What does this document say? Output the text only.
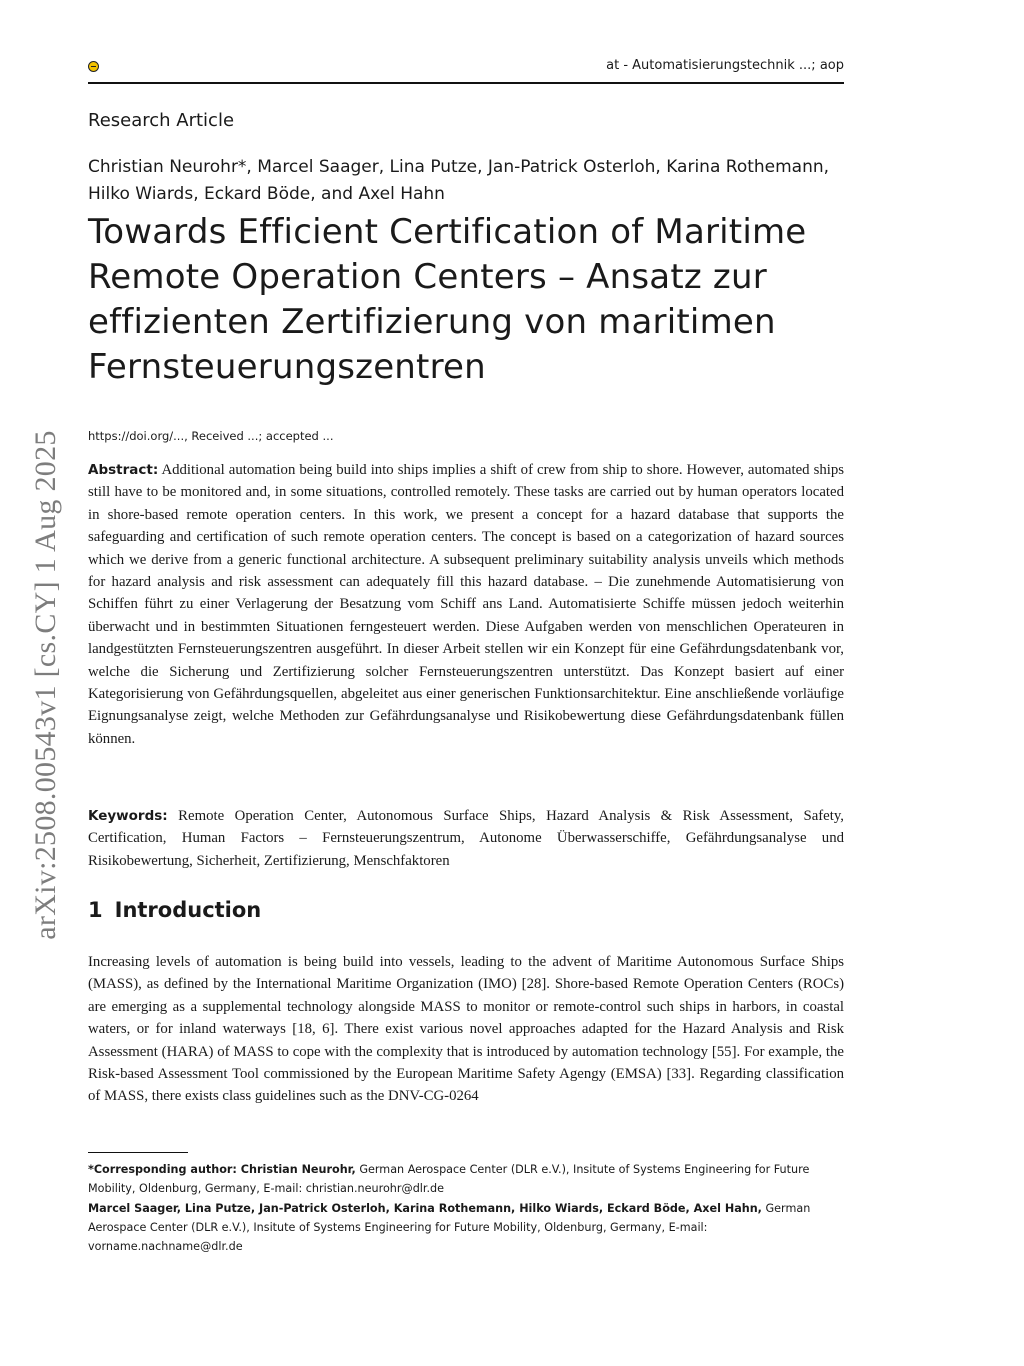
at - Automatisierungstechnik ...; aop
arXiv:2508.00543v1 [cs.CY] 1 Aug 2025
Research Article
Christian Neurohr*, Marcel Saager, Lina Putze, Jan-Patrick Osterloh, Karina Rothemann, Hilko Wiards, Eckard Böde, and Axel Hahn
Towards Efficient Certification of Maritime Remote Operation Centers – Ansatz zur effizienten Zertifizierung von maritimen Fernsteuerungszentren
https://doi.org/..., Received ...; accepted ...

Abstract: Additional automation being build into ships implies a shift of crew from ship to shore. However, automated ships still have to be monitored and, in some situations, controlled remotely. These tasks are carried out by human operators located in shore-based remote operation centers. In this work, we present a concept for a hazard database that supports the safeguarding and certification of such remote operation centers. The concept is based on a categorization of hazard sources which we derive from a generic functional architecture. A subsequent preliminary suitability analysis unveils which methods for hazard analysis and risk assessment can adequately fill this hazard database. – Die zunehmende Automatisierung von Schiffen führt zu einer Verlagerung der Besatzung vom Schiff ans Land. Automatisierte Schiffe müssen jedoch weiterhin überwacht und in bestimmten Situationen ferngesteuert werden. Diese Aufgaben werden von menschlichen Operateuren in landgestützten Fernsteuerungszentren ausgeführt. In dieser Arbeit stellen wir ein Konzept für eine Gefährdungsdatenbank vor, welche die Sicherung und Zertifizierung solcher Fernsteuerungszentren unterstützt. Das Konzept basiert auf einer Kategorisierung von Gefährdungsquellen, abgeleitet aus einer generischen Funktionsarchitektur. Eine anschließende vorläufige Eignungsanalyse zeigt, welche Methoden zur Gefährdungsanalyse und Risikobewertung diese Gefährdungsdatenbank füllen können.

Keywords: Remote Operation Center, Autonomous Surface Ships, Hazard Analysis & Risk Assessment, Safety, Certification, Human Factors – Fernsteuerungszentrum, Autonome Überwasserschiffe, Gefährdungsanalyse und Risikobewertung, Sicherheit, Zertifizierung, Menschfaktoren

1 Introduction

Increasing levels of automation is being build into vessels, leading to the advent of Maritime Autonomous Surface Ships (MASS), as defined by the International Maritime Organization (IMO) [28]. Shore-based Remote Operation Centers (ROCs) are emerging as a supplemental technology alongside MASS to monitor or remote-control such ships in harbors, in coastal waters, or for inland waterways [18, 6]. There exist various novel approaches adapted for the Hazard Analysis and Risk Assessment (HARA) of MASS to cope with the complexity that is introduced by automation technology [55]. For example, the Risk-based Assessment Tool commissioned by the European Maritime Safety Agengy (EMSA) [33]. Regarding classification of MASS, there exists class guidelines such as the DNV-CG-0264

*Corresponding author: Christian Neurohr, German Aerospace Center (DLR e.V.), Insitute of Systems Engineering for Future Mobility, Oldenburg, Germany, E-mail: christian.neurohr@dlr.de

Marcel Saager, Lina Putze, Jan-Patrick Osterloh, Karina Rothemann, Hilko Wiards, Eckard Böde, Axel Hahn, German Aerospace Center (DLR e.V.), Insitute of Systems Engineering for Future Mobility, Oldenburg, Germany, E-mail: vorname.nachname@dlr.de
